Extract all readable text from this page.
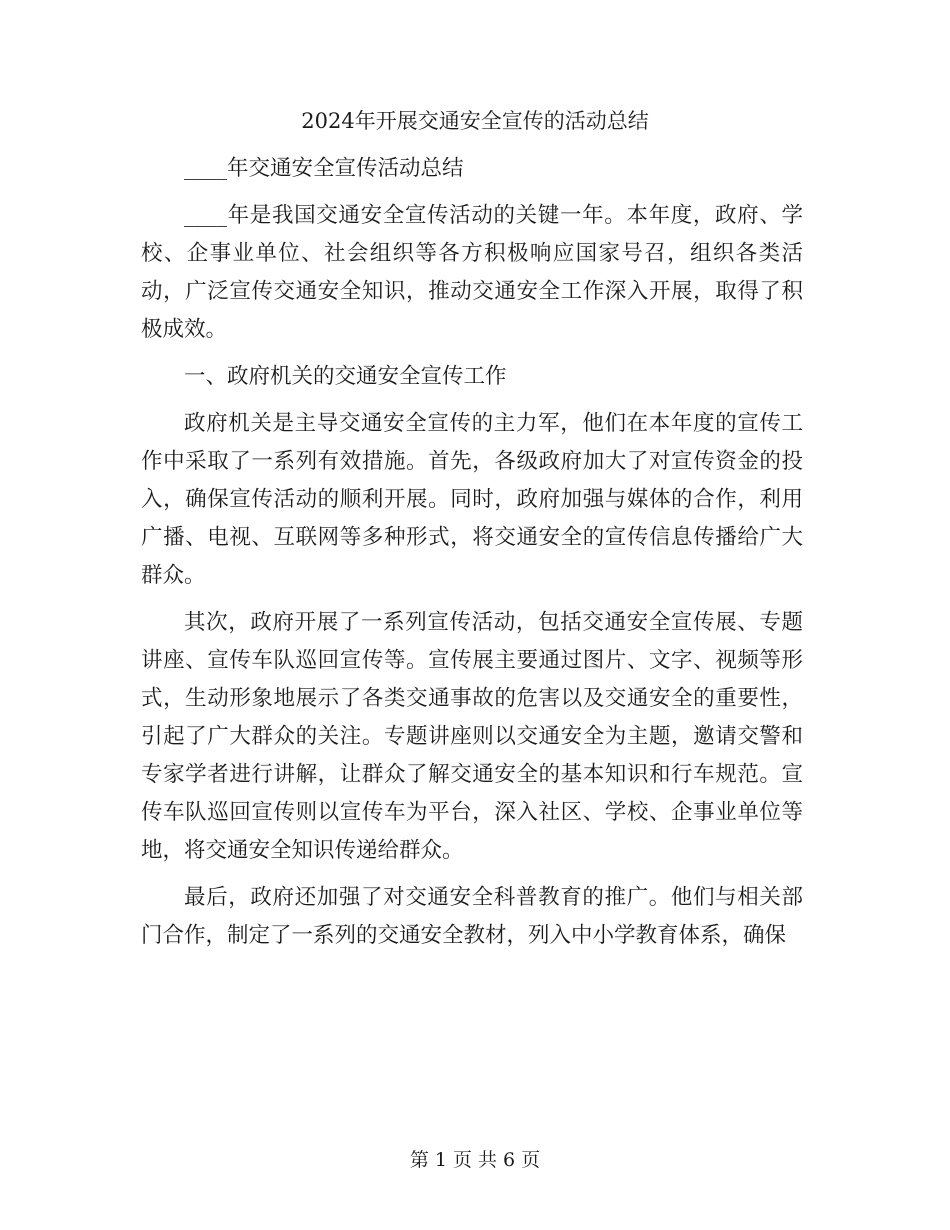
2024年开展交通安全宣传的活动总结

____年交通安全宣传活动总结

____年是我国交通安全宣传活动的关键一年。本年度，政府、学校、企事业单位、社会组织等各方积极响应国家号召，组织各类活动，广泛宣传交通安全知识，推动交通安全工作深入开展，取得了积极成效。

一、政府机关的交通安全宣传工作

政府机关是主导交通安全宣传的主力军，他们在本年度的宣传工作中采取了一系列有效措施。首先，各级政府加大了对宣传资金的投入，确保宣传活动的顺利开展。同时，政府加强与媒体的合作，利用广播、电视、互联网等多种形式，将交通安全的宣传信息传播给广大群众。

其次，政府开展了一系列宣传活动，包括交通安全宣传展、专题讲座、宣传车队巡回宣传等。宣传展主要通过图片、文字、视频等形式，生动形象地展示了各类交通事故的危害以及交通安全的重要性，引起了广大群众的关注。专题讲座则以交通安全为主题，邀请交警和专家学者进行讲解，让群众了解交通安全的基本知识和行车规范。宣传车队巡回宣传则以宣传车为平台，深入社区、学校、企事业单位等地，将交通安全知识传递给群众。

最后，政府还加强了对交通安全科普教育的推广。他们与相关部门合作，制定了一系列的交通安全教材，列入中小学教育体系，确保

第 1 页 共 6 页
